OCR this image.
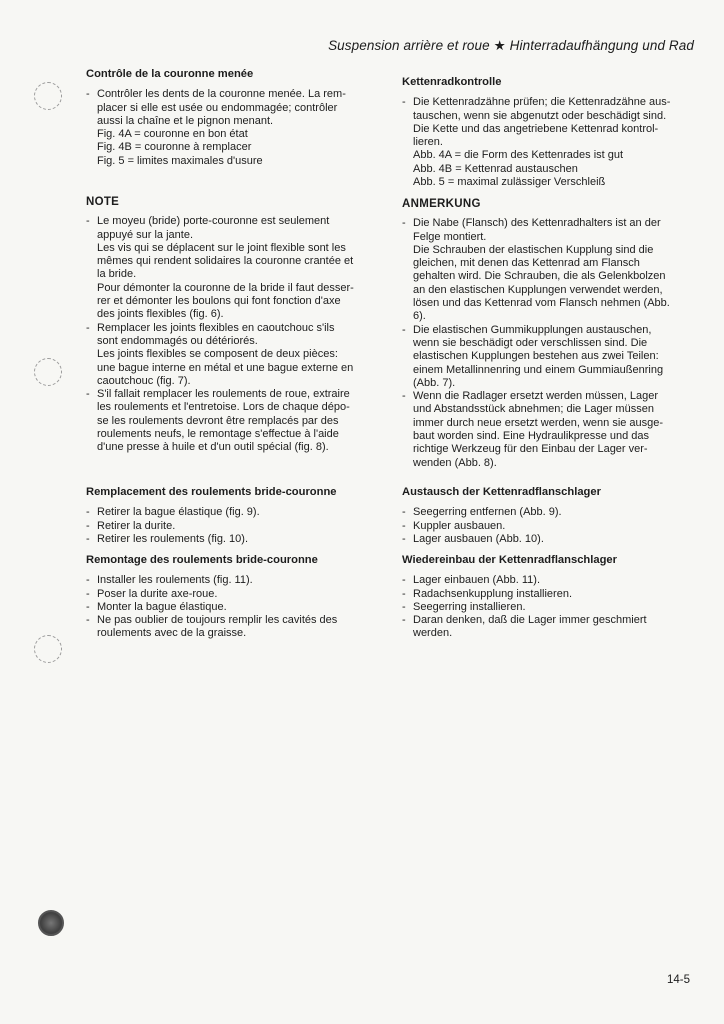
Suspension arrière et roue ★ Hinterradaufhängung und Rad
Contrôle de la couronne menée
- Contrôler les dents de la couronne menée. La rem-
placer si elle est usée ou endommagée; contrôler
aussi la chaîne et le pignon menant.
Fig. 4A = couronne en bon état
Fig. 4B = couronne à remplacer
Fig. 5 = limites maximales d'usure
NOTE
- Le moyeu (bride) porte-couronne est seulement
appuyé sur la jante.
Les vis qui se déplacent sur le joint flexible sont les
mêmes qui rendent solidaires la couronne crantée et
la bride.
Pour démonter la couronne de la bride il faut desser-
rer et démonter les boulons qui font fonction d'axe
des joints flexibles (fig. 6).
- Remplacer les joints flexibles en caoutchouc s'ils
sont endommagés ou détériorés.
Les joints flexibles se composent de deux pièces:
une bague interne en métal et une bague externe en
caoutchouc (fig. 7).
- S'il fallait remplacer les roulements de roue, extraire
les roulements et l'entretoise. Lors de chaque dépo-
se les roulements devront être remplacés par des
roulements neufs, le remontage s'effectue à l'aide
d'une presse à huile et d'un outil spécial (fig. 8).
Remplacement des roulements bride-couronne
- Retirer la bague élastique (fig. 9).
- Retirer la durite.
- Retirer les roulements (fig. 10).
Remontage des roulements bride-couronne
- Installer les roulements (fig. 11).
- Poser la durite axe-roue.
- Monter la bague élastique.
- Ne pas oublier de toujours remplir les cavités des
roulements avec de la graisse.
Kettenradkontrolle
- Die Kettenradzähne prüfen; die Kettenradzähne aus-
tauschen, wenn sie abgenutzt oder beschädigt sind.
Die Kette und das angetriebene Kettenrad kontrol-
lieren.
Abb. 4A = die Form des Kettenrades ist gut
Abb. 4B = Kettenrad austauschen
Abb. 5 = maximal zulässiger Verschleiß
ANMERKUNG
- Die Nabe (Flansch) des Kettenradhalters ist an der
Felge montiert.
Die Schrauben der elastischen Kupplung sind die
gleichen, mit denen das Kettenrad am Flansch
gehalten wird. Die Schrauben, die als Gelenkbolzen
an den elastischen Kupplungen verwendet werden,
lösen und das Kettenrad vom Flansch nehmen (Abb.
6).
- Die elastischen Gummikupplungen austauschen,
wenn sie beschädigt oder verschlissen sind. Die
elastischen Kupplungen bestehen aus zwei Teilen:
einem Metallinnenring und einem Gummiaußenring
(Abb. 7).
- Wenn die Radlager ersetzt werden müssen, Lager
und Abstandsstück abnehmen; die Lager müssen
immer durch neue ersetzt werden, wenn sie ausge-
baut worden sind. Eine Hydraulikpresse und das
richtige Werkzeug für den Einbau der Lager ver-
wenden (Abb. 8).
Austausch der Kettenradflanschlager
- Seegerring entfernen (Abb. 9).
- Kuppler ausbauen.
- Lager ausbauen (Abb. 10).
Wiedereinbau der Kettenradflanschlager
- Lager einbauen (Abb. 11).
- Radachsenkupplung installieren.
- Seegerring installieren.
- Daran denken, daß die Lager immer geschmiert
werden.
14-5
